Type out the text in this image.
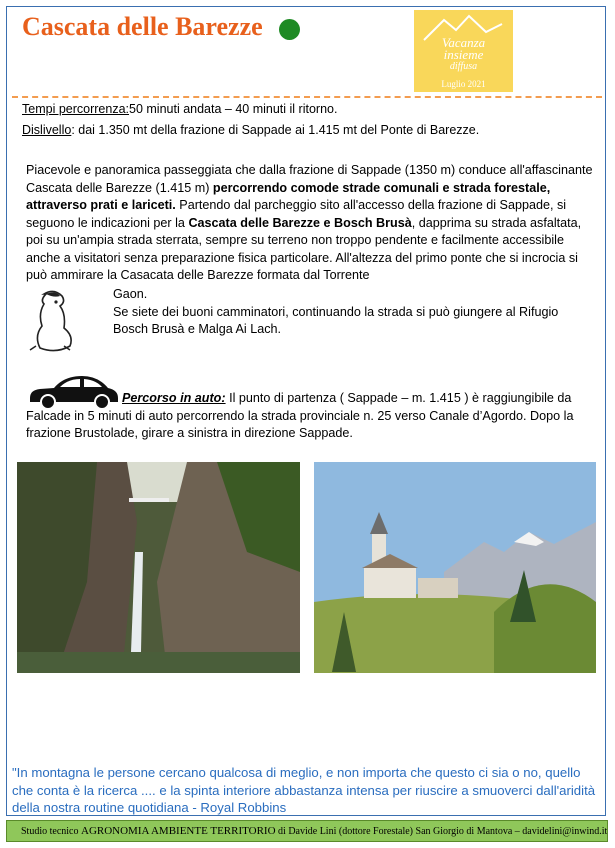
Cascata delle Barezze
Vacanza
insieme
diffusa
Luglio 2021
Tempi percorrenza:50 minuti andata – 40 minuti il ritorno.
Dislivello: dai 1.350 mt della frazione di Sappade ai 1.415 mt del Ponte di Barezze.
Piacevole e panoramica passeggiata che dalla frazione di Sappade (1350 m) conduce all'affascinante Cascata delle Barezze (1.415 m) percorrendo comode strade comunali e strada forestale, attraverso prati e lariceti. Partendo dal parcheggio sito all'accesso della frazione di Sappade, si seguono le indicazioni per la Cascata delle Barezze e Bosch Brusà, dapprima su strada asfaltata, poi su un'ampia strada sterrata, sempre su terreno non troppo pendente e facilmente accessibile anche a visitatori senza preparazione fisica particolare. All'altezza del primo ponte che si incrocia si può ammirare la Casacata delle Barezze formata dal Torrente
Gaon.
Se siete dei buoni camminatori, continuando la strada si può giungere al Rifugio Bosch Brusà e Malga Ai Lach.
Percorso in auto: Il punto di partenza ( Sappade – m. 1.415 ) è raggiungibile da Falcade in 5 minuti di auto percorrendo la strada provinciale n. 25 verso Canale d’Agordo. Dopo la frazione Brustolade, girare a sinistra in direzione Sappade.
"In montagna le persone cercano qualcosa di meglio, e non importa che questo ci sia o no, quello che conta è la ricerca .... e la spinta interiore abbastanza intensa per riuscire a smuoverci dall'aridità della nostra routine quotidiana - Royal Robbins
Studio tecnico AGRONOMIA AMBIENTE TERRITORIO di Davide Lini (dottore Forestale) San Giorgio di Mantova – davidelini@inwind.it
